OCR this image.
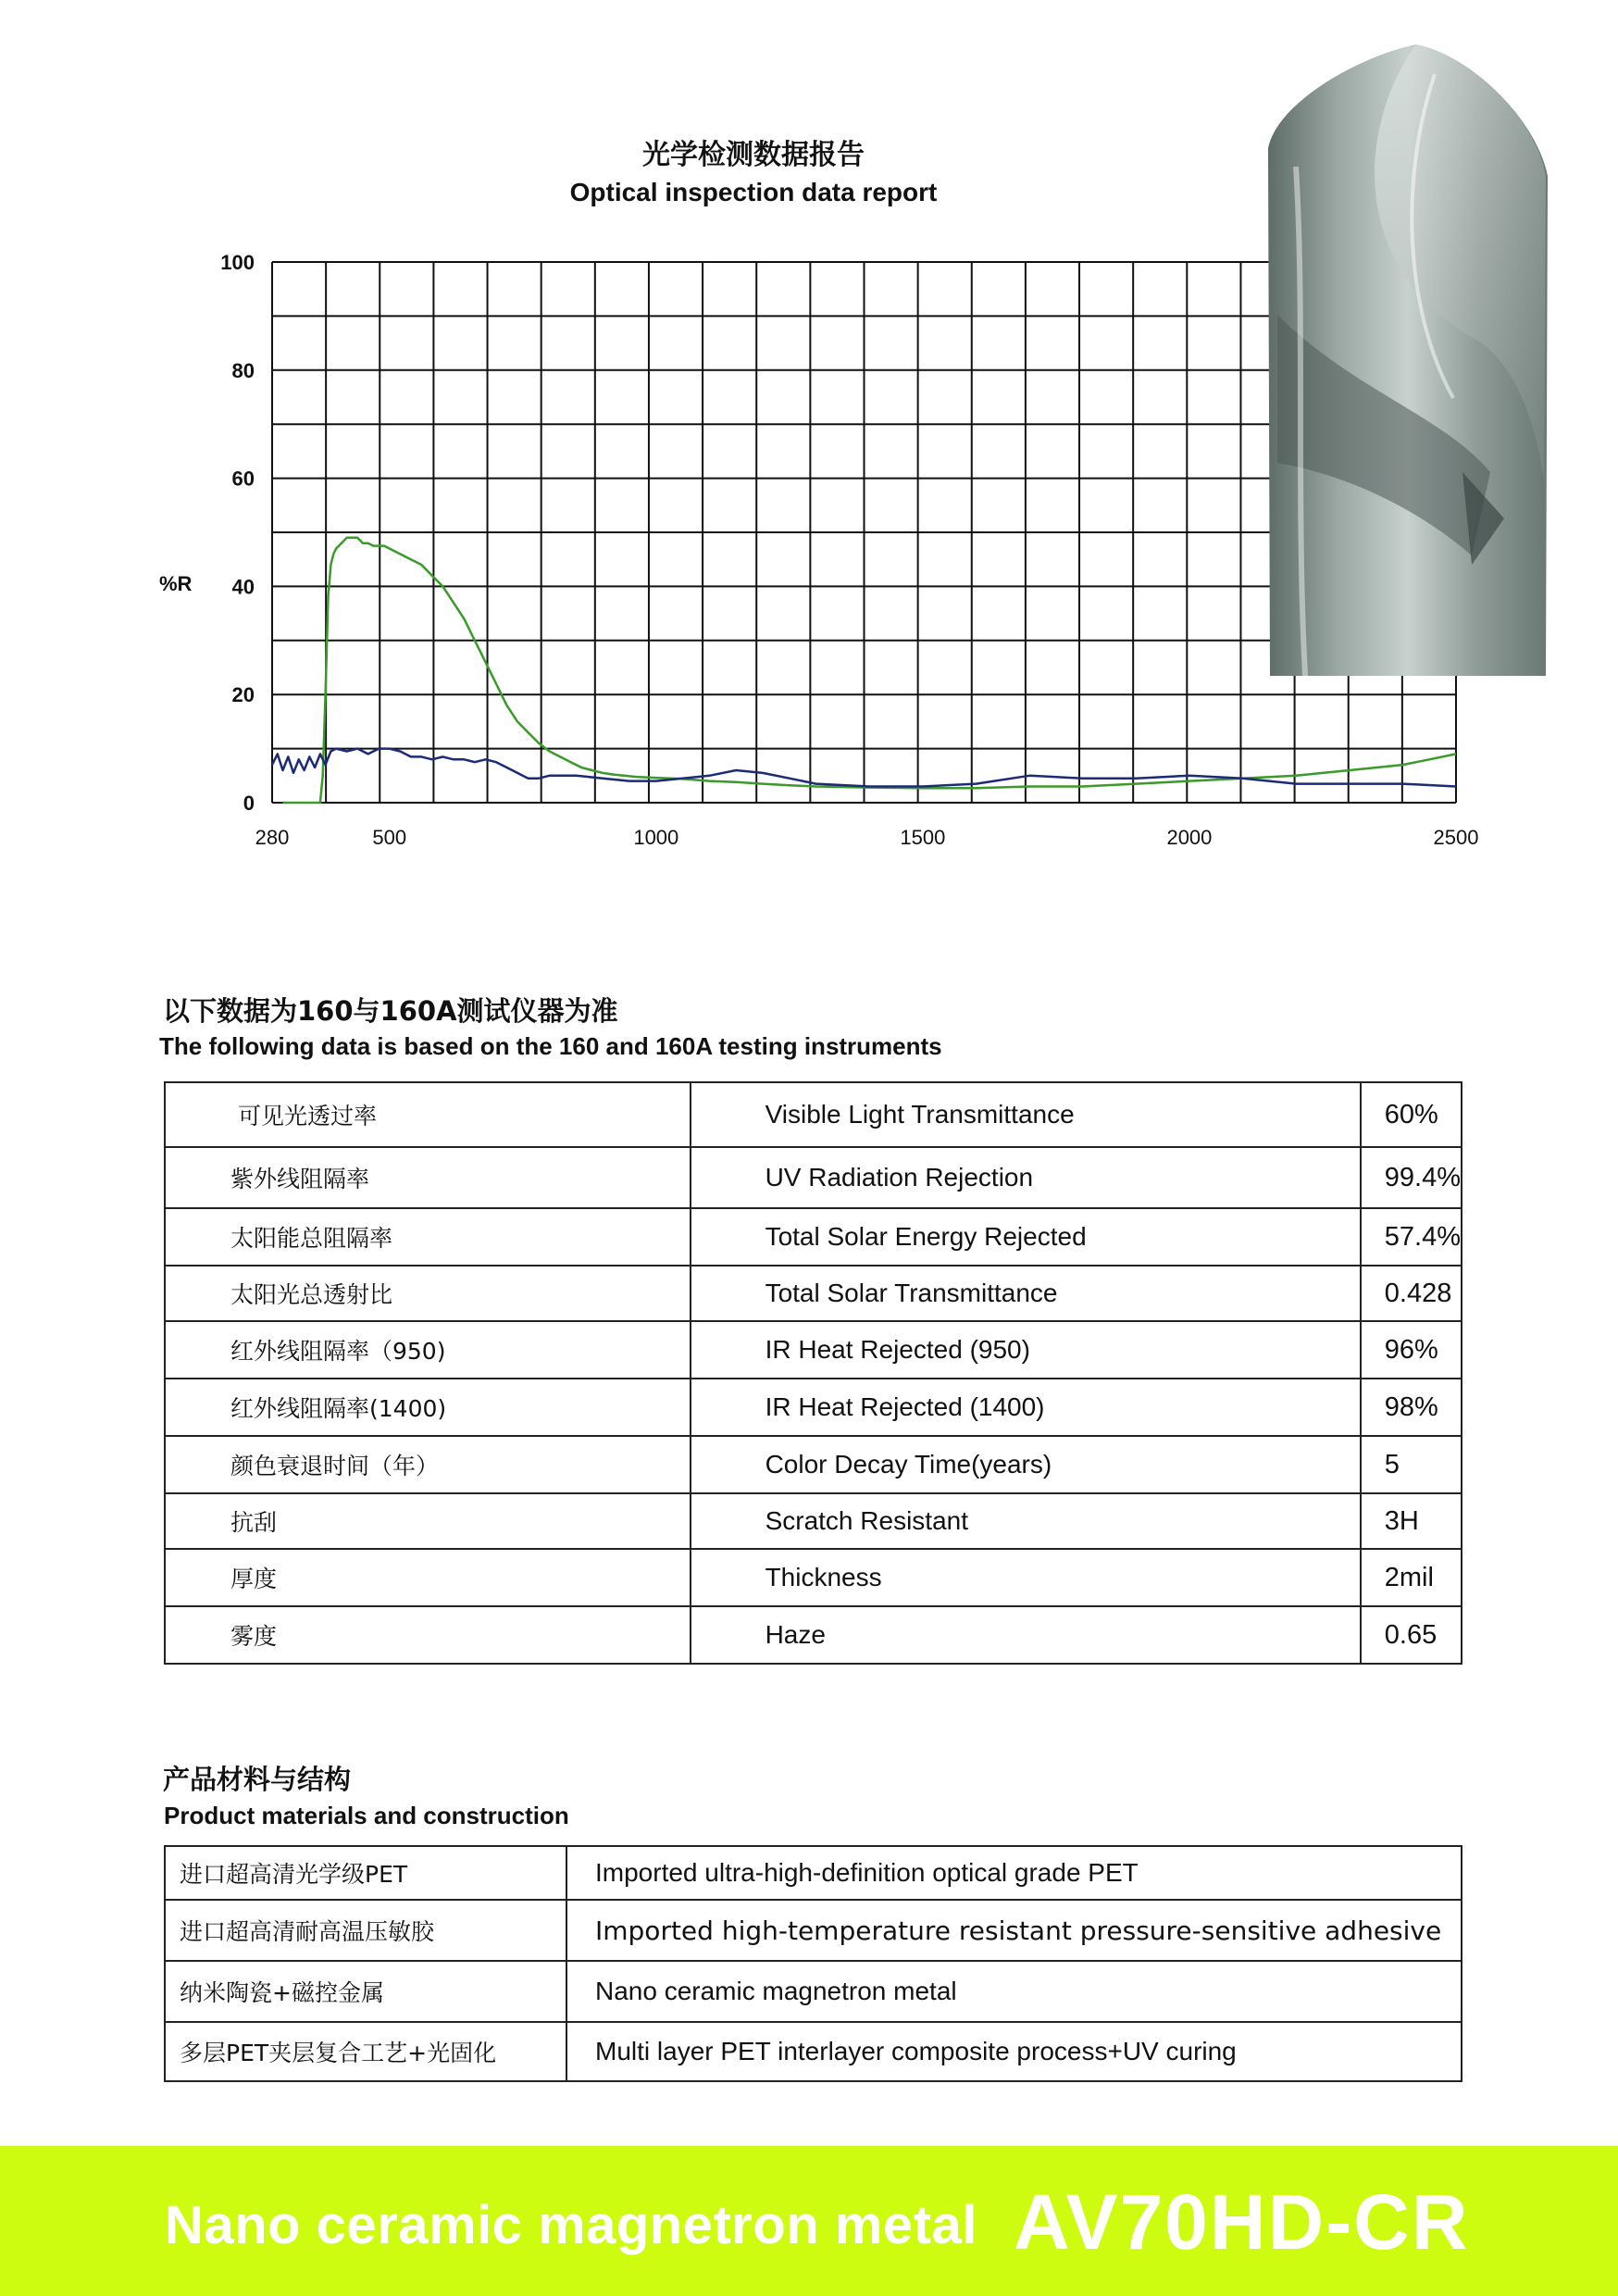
光学检测数据报告
Optical inspection data report
0
20
40
60
80
100
280	500	1000	1500	2000	2500
%R
以下数据为160与160A测试仪器为准
The following data is based on the 160 and 160A testing instruments
可见光透过率	Visible Light Transmittance	60%
紫外线阻隔率	UV Radiation Rejection	99.4%
太阳能总阻隔率	Total Solar Energy Rejected	57.4%
太阳光总透射比	Total Solar Transmittance	0.428
红外线阻隔率（950)	IR Heat Rejected (950)	96%
红外线阻隔率(1400)	IR Heat Rejected (1400)	98%
颜色衰退时间（年）	Color Decay Time(years)	5
抗刮	Scratch Resistant	3H
厚度	Thickness	2mil
雾度	Haze	0.65
产品材料与结构
Product materials and construction
进口超高清光学级PET	Imported ultra-high-definition optical grade PET
进口超高清耐高温压敏胶	Imported high-temperature resistant pressure-sensitive adhesive
纳米陶瓷+磁控金属	Nano ceramic magnetron metal
多层PET夹层复合工艺+光固化	Multi layer PET interlayer composite process+UV curing
Nano ceramic magnetron metal AV70HD-CR
